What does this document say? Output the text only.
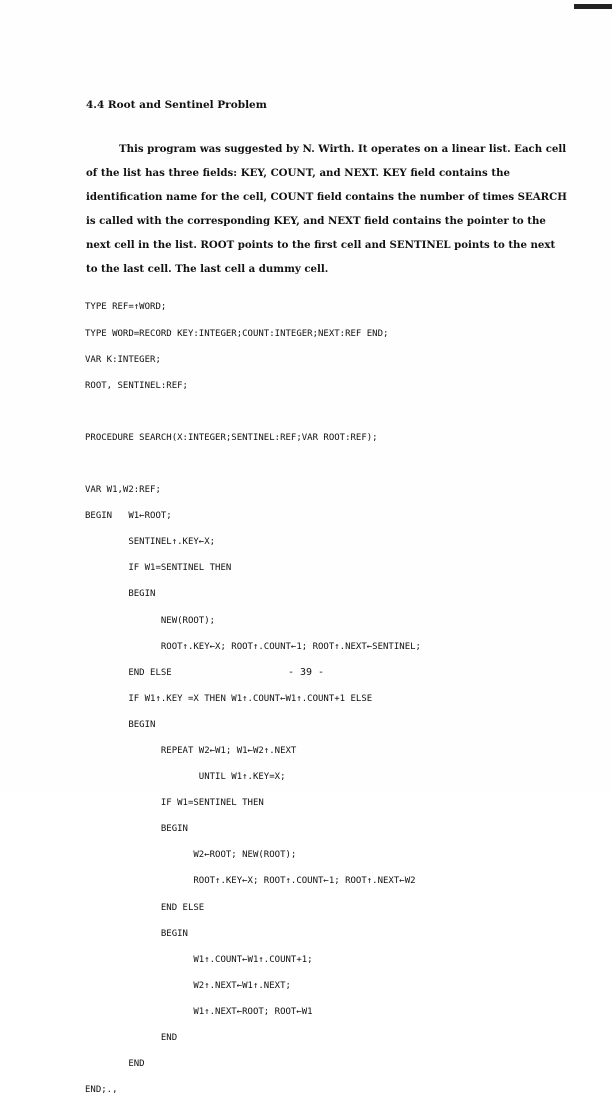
4.4 Root and Sentinel Problem
This program was suggested by N. Wirth. It operates on a linear list. Each cell
of the list has three fields: KEY, COUNT, and NEXT. KEY field contains the
identification name for the cell, COUNT field contains the number of times SEARCH
is called with the corresponding KEY, and NEXT field contains the pointer to the
next cell in the list. ROOT points to the first cell and SENTINEL points to the next
to the last cell. The last cell a dummy cell.

TYPE REF=↑WORD;

TYPE WORD=RECORD KEY:INTEGER;COUNT:INTEGER;NEXT:REF END;

VAR K:INTEGER;

ROOT, SENTINEL:REF;

PROCEDURE SEARCH(X:INTEGER;SENTINEL:REF;VAR ROOT:REF);

VAR W1,W2:REF;

BEGIN   W1←ROOT;

SENTINEL↑.KEY←X;

IF W1=SENTINEL THEN

BEGIN

NEW(ROOT);

ROOT↑.KEY←X; ROOT↑.COUNT←1; ROOT↑.NEXT←SENTINEL;

END ELSE

IF W1↑.KEY =X THEN W1↑.COUNT←W1↑.COUNT+1 ELSE

BEGIN

REPEAT W2←W1; W1←W2↑.NEXT

UNTIL W1↑.KEY=X;

IF W1=SENTINEL THEN

BEGIN

W2←ROOT; NEW(ROOT);

ROOT↑.KEY←X; ROOT↑.COUNT←1; ROOT↑.NEXT←W2

END ELSE

BEGIN

W1↑.COUNT←W1↑.COUNT+1;

W2↑.NEXT←W1↑.NEXT;

W1↑.NEXT←ROOT; ROOT←W1

END

END

END;.,

- 39 -
